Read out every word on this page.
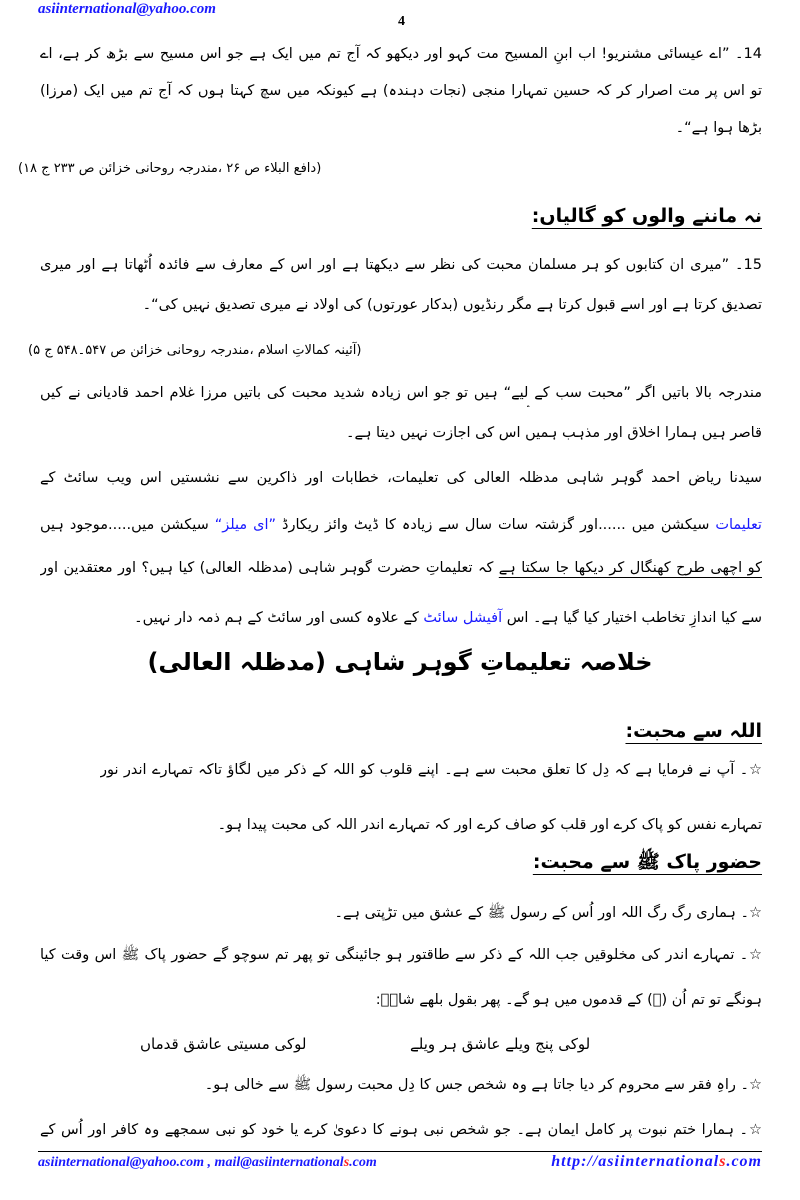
asiinternational@yahoo.com
4
14۔ ”اے عیسائی مشنریو! اب ابنِ المسیح مت کہو اور دیکھو کہ آج تم میں ایک ہے جو اس مسیح سے بڑھ کر ہے، اے
تو اس پر مت اصرار کر کہ حسین تمہارا منجی (نجات دہندہ) ہے کیونکہ میں سچ کہتا ہوں کہ آج تم میں ایک (مرزا)
بڑھا ہوا ہے“۔
(دافع البلاء ص ۲۶ ،مندرجہ روحانی خزائن ص ۲۳۳ ج ۱۸)
نہ ماننے والوں کو گالیاں:
15۔ ”میری ان کتابوں کو ہر مسلمان محبت کی نظر سے دیکھتا ہے اور اس کے معارف سے فائدہ اُٹھاتا ہے اور میری
تصدیق کرتا ہے اور اسے قبول کرتا ہے مگر رنڈیوں (بدکار عورتوں) کی اولاد نے میری تصدیق نہیں کی“۔
(آئینہ کمالاتِ اسلام ،مندرجہ روحانی خزائن ص ۵۴۷۔۵۴۸ ج ۵)
مندرجہ بالا باتیں اگر ”محبت سب کے لیے“ ہیں تو جو اس زیادہ شدید محبت کی باتیں مرزا غلام احمد قادیانی نے کیں
قاصر ہیں ہمارا اخلاق اور مذہب ہمیں اس کی اجازت نہیں دیتا ہے۔
سیدنا ریاض احمد گوہر شاہی مدظلہ العالی کی تعلیمات، خطابات اور ذاکرین سے نشستیں اس ویب سائٹ کے
تعلیمات سیکشن میں ......اور گزشتہ سات سال سے زیادہ کا ڈیٹ وائز ریکارڈ ”ای میلز“ سیکشن میں.....موجود ہیں
کو اچھی طرح کھنگال کر دیکھا جا سکتا ہے کہ تعلیماتِ حضرت گوہر شاہی (مدظلہ العالی) کیا ہیں؟ اور معتقدین اور
سے کیا اندازِ تخاطب اختیار کیا گیا ہے۔ اس آفیشل سائٹ کے علاوہ کسی اور سائٹ کے ہم ذمہ دار نہیں۔
خلاصہ تعلیماتِ گوہر شاہی (مدظلہ العالی)
اللہ سے محبت:
☆۔ آپ نے فرمایا ہے کہ دِل کا تعلق محبت سے ہے۔ اپنے قلوب کو اللہ کے ذکر میں لگاؤ تاکہ تمہارے اندر نور
تمہارے نفس کو پاک کرے اور قلب کو صاف کرے اور کہ تمہارے اندر اللہ کی محبت پیدا ہو۔
حضور پاک ﷺ سے محبت:
☆۔ ہماری رگ رگ اللہ اور اُس کے رسول ﷺ کے عشق میں تڑپتی ہے۔
☆۔ تمہارے اندر کی مخلوقیں جب اللہ کے ذکر سے طاقتور ہو جائینگی تو پھر تم سوچو گے حضور پاک ﷺ اس وقت کیا
ہونگے تو تم اُن (ﷺ) کے قدموں میں ہو گے۔ پھر بقول بلھے شاہؒ:
لوکی پنج ویلے عاشق ہر ویلے
لوکی مسیتی عاشق قدماں
☆۔ راہِ فقر سے محروم کر دیا جاتا ہے وہ شخص جس کا دِل محبت رسول ﷺ سے خالی ہو۔
☆۔ ہمارا ختم نبوت پر کامل ایمان ہے۔ جو شخص نبی ہونے کا دعویٰ کرے یا خود کو نبی سمجھے وہ کافر اور اُس کے
asiinternational@yahoo.com , mail@asiinternationals.com	http://asiinternationals.com
